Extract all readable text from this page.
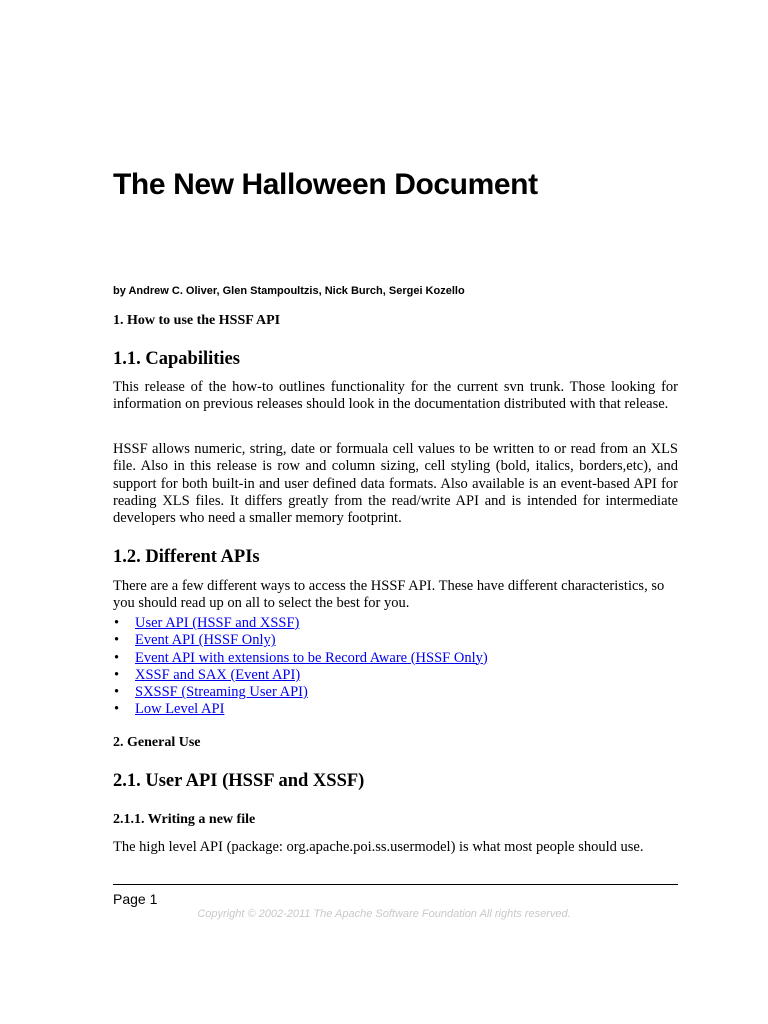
The New Halloween Document
by Andrew C. Oliver, Glen Stampoultzis, Nick Burch, Sergei Kozello
1. How to use the HSSF API
1.1. Capabilities

This release of the how-to outlines functionality for the current svn trunk. Those looking for information on previous releases should look in the documentation distributed with that release.

HSSF allows numeric, string, date or formuala cell values to be written to or read from an XLS file. Also in this release is row and column sizing, cell styling (bold, italics, borders,etc), and support for both built-in and user defined data formats. Also available is an event-based API for reading XLS files. It differs greatly from the read/write API and is intended for intermediate developers who need a smaller memory footprint.

1.2. Different APIs

There are a few different ways to access the HSSF API. These have different characteristics, so you should read up on all to select the best for you.

• User API (HSSF and XSSF)
• Event API (HSSF Only)
• Event API with extensions to be Record Aware (HSSF Only)
• XSSF and SAX (Event API)
• SXSSF (Streaming User API)
• Low Level API
2. General Use
2.1. User API (HSSF and XSSF)
2.1.1. Writing a new file

The high level API (package: org.apache.poi.ss.usermodel) is what most people should use.

Page 1
Copyright © 2002-2011 The Apache Software Foundation All rights reserved.
